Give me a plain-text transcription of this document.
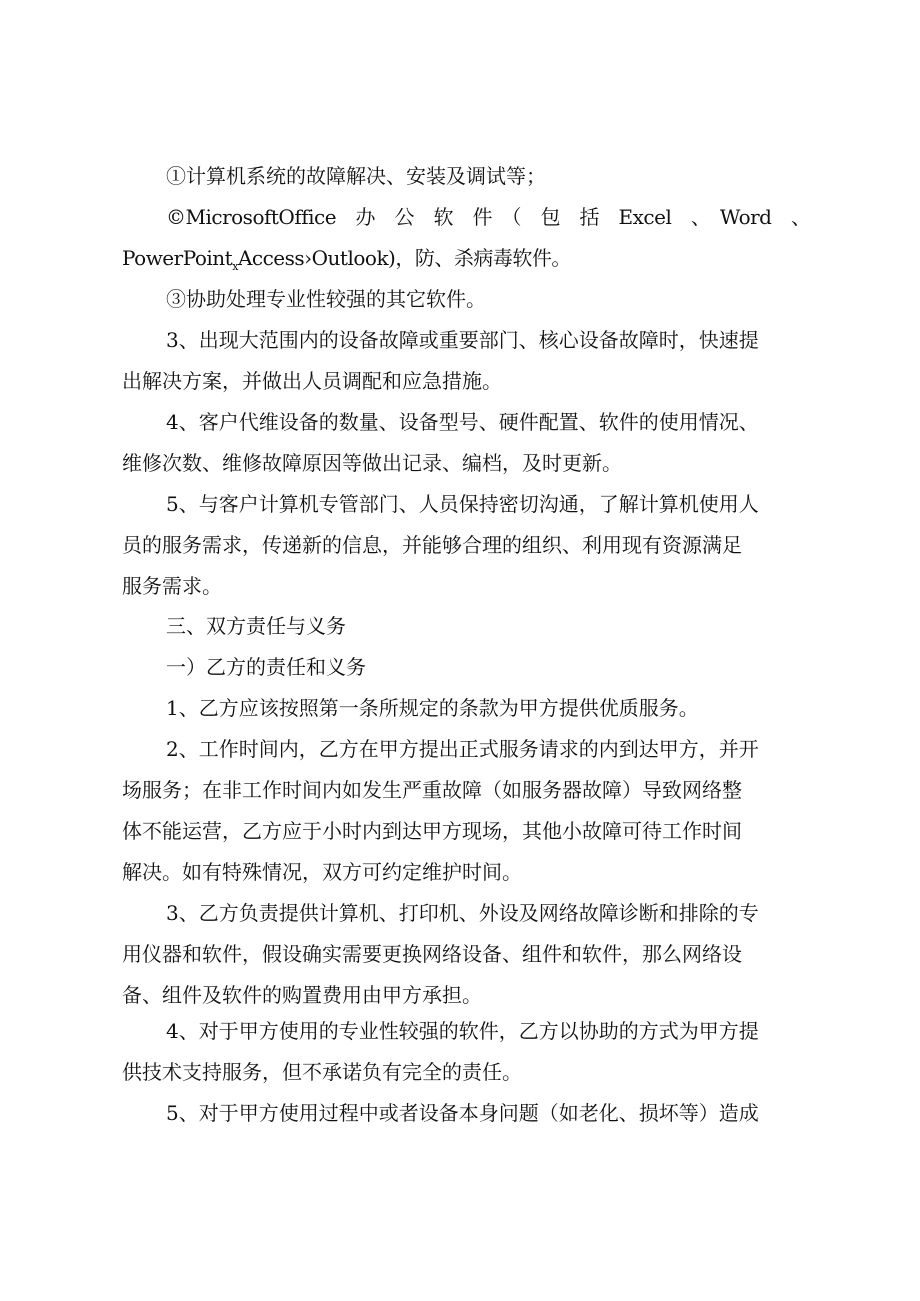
①计算机系统的故障解决、安装及调试等；
©MicrosoftOffice　办　公　软　件　（　包　括　Excel　、　Word　、
PowerPoint$_x$Access›Outlook)，防、杀病毒软件。
③协助处理专业性较强的其它软件。
3、出现大范围内的设备故障或重要部门、核心设备故障时，快速提
出解决方案，并做出人员调配和应急措施。
4、客户代维设备的数量、设备型号、硬件配置、软件的使用情况、
维修次数、维修故障原因等做出记录、编档，及时更新。
5、与客户计算机专管部门、人员保持密切沟通，了解计算机使用人
员的服务需求，传递新的信息，并能够合理的组织、利用现有资源满足
服务需求。
三、双方责任与义务
一）乙方的责任和义务
1、乙方应该按照第一条所规定的条款为甲方提供优质服务。
2、工作时间内，乙方在甲方提出正式服务请求的内到达甲方，并开
场服务；在非工作时间内如发生严重故障（如服务器故障）导致网络整
体不能运营，乙方应于小时内到达甲方现场，其他小故障可待工作时间
解决。如有特殊情况，双方可约定维护时间。
3、乙方负责提供计算机、打印机、外设及网络故障诊断和排除的专
用仪器和软件，假设确实需要更换网络设备、组件和软件，那么网络设
备、组件及软件的购置费用由甲方承担。
4、对于甲方使用的专业性较强的软件，乙方以协助的方式为甲方提
供技术支持服务，但不承诺负有完全的责任。
5、对于甲方使用过程中或者设备本身问题（如老化、损坏等）造成
